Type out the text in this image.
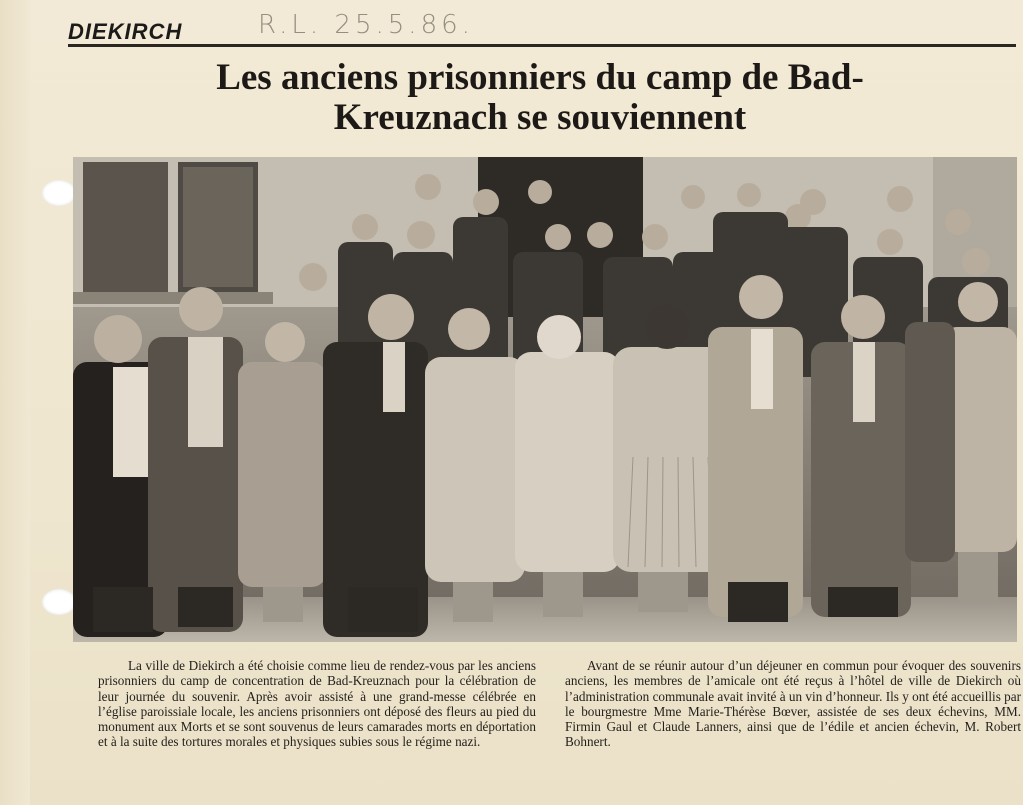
DIEKIRCH	R.L. 25.5.86.
Les anciens prisonniers du camp de Bad-Kreuznach se souviennent
La ville de Diekirch a été choisie comme lieu de rendez-vous par les anciens prisonniers du camp de concentration de Bad-Kreuznach pour la célébration de leur journée du souvenir. Après avoir assisté à une grand-messe célébrée en l’église paroissiale locale, les anciens prisonniers ont déposé des fleurs au pied du monument aux Morts et se sont souvenus de leurs camarades morts en déportation et à la suite des tortures morales et physiques subies sous le régime nazi.
Avant de se réunir autour d’un déjeuner en commun pour évoquer des souvenirs anciens, les membres de l’amicale ont été reçus à l’hôtel de ville de Diekirch où l’administration communale avait invité à un vin d’honneur. Ils y ont été accueillis par le bourgmestre Mme Marie-Thérèse Bœver, assistée de ses deux échevins, MM. Firmin Gaul et Claude Lanners, ainsi que de l’édile et ancien échevin, M. Robert Bohnert.
